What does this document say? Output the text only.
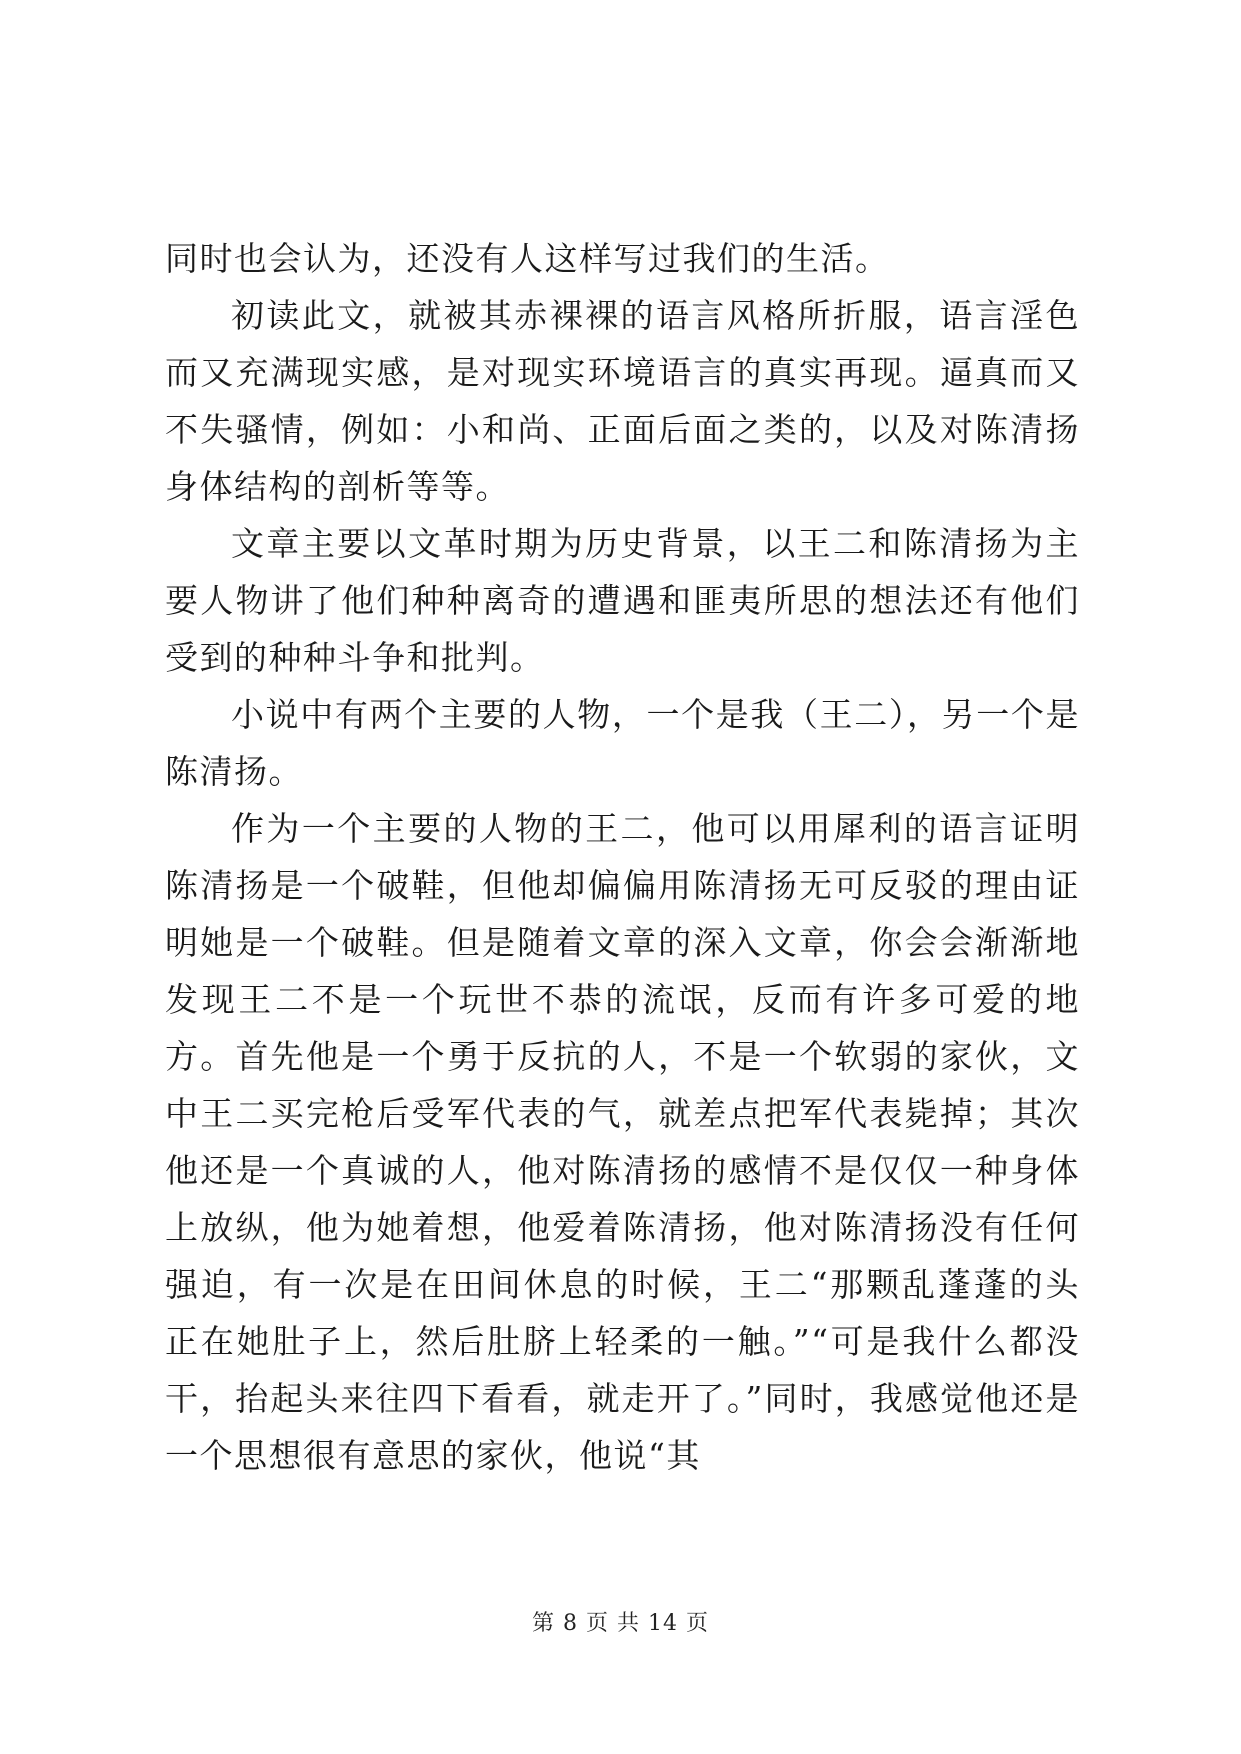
同时也会认为，还没有人这样写过我们的生活。

初读此文，就被其赤裸裸的语言风格所折服，语言淫色而又充满现实感，是对现实环境语言的真实再现。逼真而又不失骚情，例如：小和尚、正面后面之类的，以及对陈清扬身体结构的剖析等等。

文章主要以文革时期为历史背景，以王二和陈清扬为主要人物讲了他们种种离奇的遭遇和匪夷所思的想法还有他们受到的种种斗争和批判。

小说中有两个主要的人物，一个是我（王二），另一个是陈清扬。

作为一个主要的人物的王二，他可以用犀利的语言证明陈清扬是一个破鞋，但他却偏偏用陈清扬无可反驳的理由证明她是一个破鞋。但是随着文章的深入文章，你会会渐渐地发现王二不是一个玩世不恭的流氓，反而有许多可爱的地方。首先他是一个勇于反抗的人，不是一个软弱的家伙，文中王二买完枪后受军代表的气，就差点把军代表毙掉；其次他还是一个真诚的人，他对陈清扬的感情不是仅仅一种身体上放纵，他为她着想，他爱着陈清扬，他对陈清扬没有任何强迫，有一次是在田间休息的时候，王二“那颗乱蓬蓬的头正在她肚子上，然后肚脐上轻柔的一触。”“可是我什么都没干，抬起头来往四下看看，就走开了。”同时，我感觉他还是一个思想很有意思的家伙，他说“其

第 8 页 共 14 页
